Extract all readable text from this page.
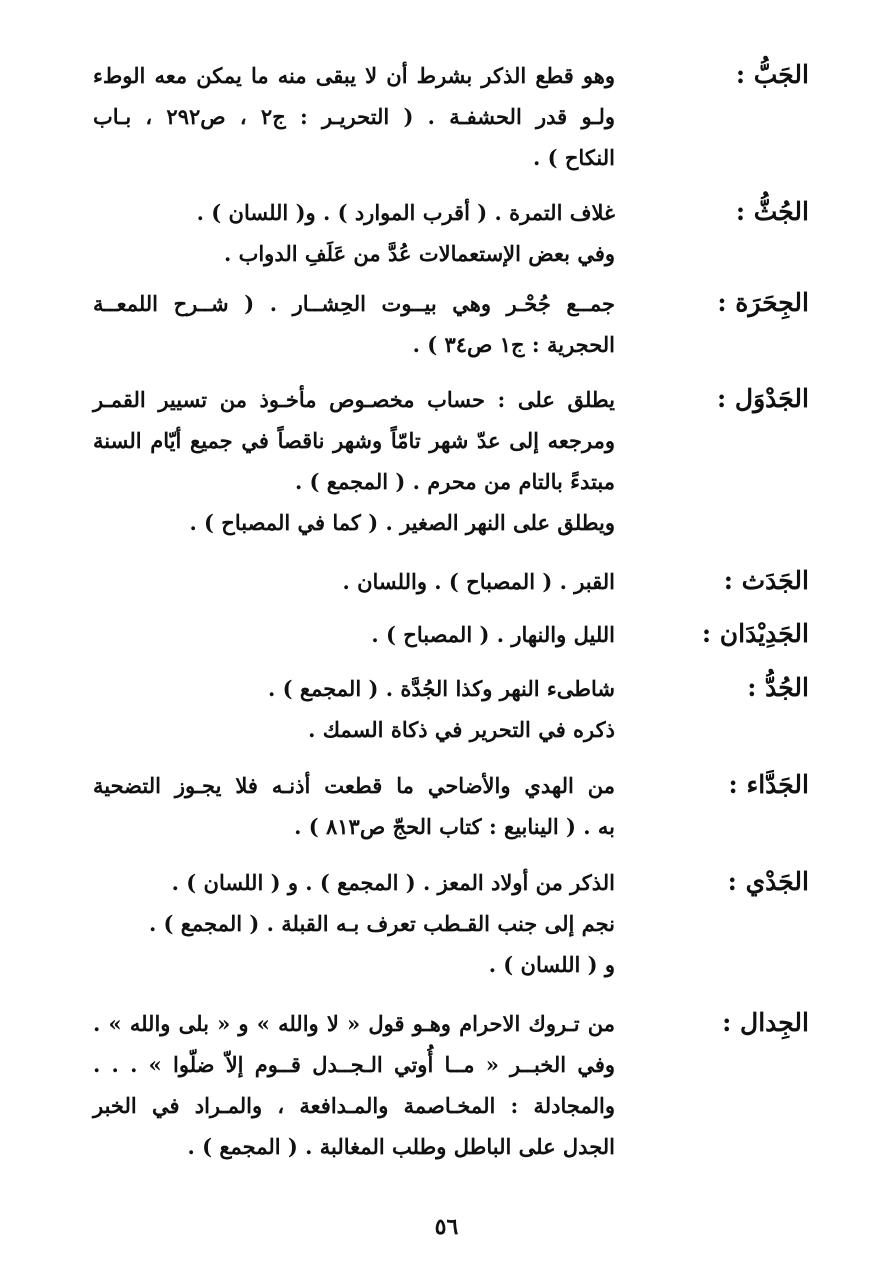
الجَبُّ :
وهو قطع الذكر بشرط أن لا يبقى منه ما يمكن معه الوطء
ولـو قدر الحشفـة . ( التحريـر : ج٢ ، ص٢٩٢ ، بـاب
النكاح ) .
الجُثُّ :
غلاف التمرة . ( أقرب الموارد ) . و( اللسان ) .
وفي بعض الإستعمالات عُدَّ من عَلَفِ الدواب .
الجِحَرَة :
جمــع جُحْـر وهي بيــوت الحِشــار . ( شــرح اللمعــة
الحجرية : ج١ ص٣٤ ) .
الجَدْوَل :
يطلق على : حساب مخصـوص مأخـوذ من تسيير القمـر
ومرجعه إلى عدّ شهر تامّاً وشهر ناقصاً في جميع أيّام السنة
مبتدءً بالتام من محرم . ( المجمع ) .
ويطلق على النهر الصغير . ( كما في المصباح ) .
الجَدَث :
القبر . ( المصباح ) . واللسان .
الجَدِيْدَان :
الليل والنهار . ( المصباح ) .
الجُدُّ :
شاطىء النهر وكذا الجُدَّة . ( المجمع ) .
ذكره في التحرير في ذكاة السمك .
الجَدَّاء :
من الهدي والأضاحي ما قطعت أذنـه فلا يجـوز التضحية
به . ( الينابيع : كتاب الحجّ ص٨١٣ ) .
الجَدْي :
الذكر من أولاد المعز . ( المجمع ) . و ( اللسان ) .
نجم إلى جنب القـطب تعرف بـه القبلة . ( المجمع ) .
و ( اللسان ) .
الجِدال :
من تـروك الاحرام وهـو قول « لا والله » و « بلى والله » .
وفي الخبــر « مــا أُوتي الـجــدل قــوم إلاّ ضلّوا » . . .
والمجادلة : المخـاصمة والمـدافعة ، والمـراد في الخبر
الجدل على الباطل وطلب المغالبة . ( المجمع ) .
٥٦
